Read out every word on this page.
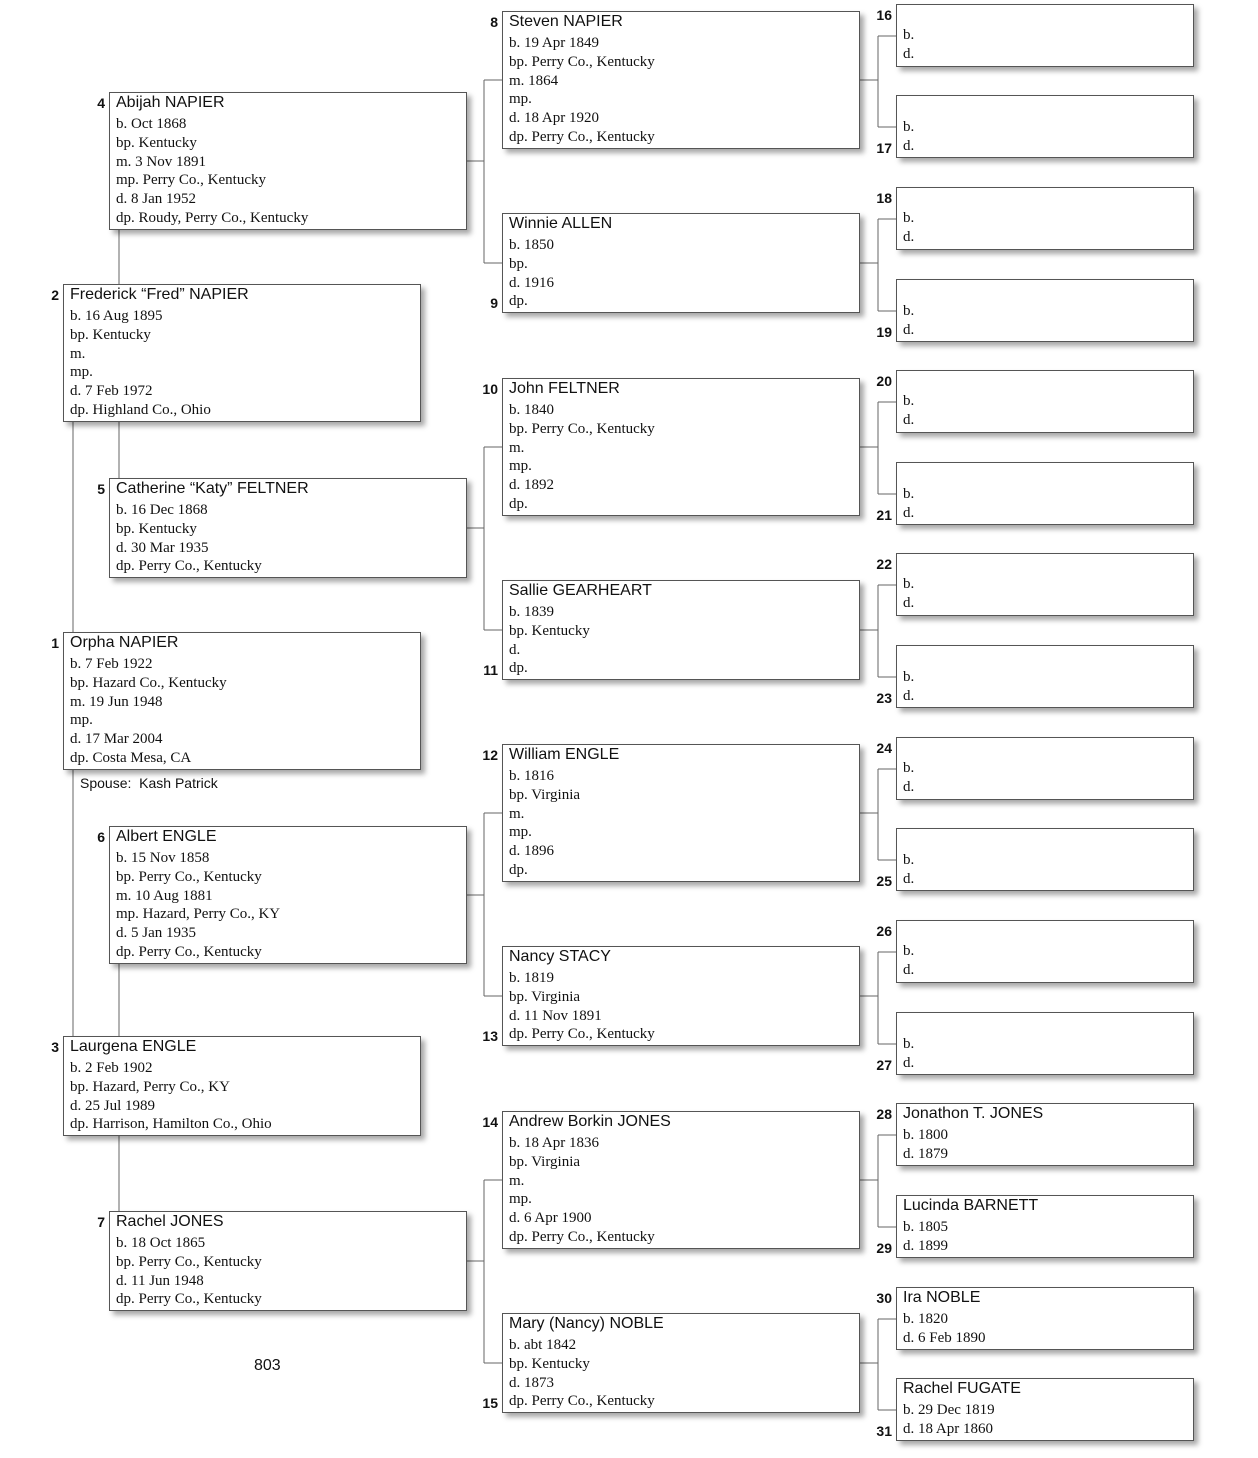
Spouse: Kash Patrick
803
Orpha NAPIER
b. 7 Feb 1922
bp. Hazard Co., Kentucky
m. 19 Jun 1948
mp.
d. 17 Mar 2004
dp. Costa Mesa, CA
1
Frederick “Fred” NAPIER
b. 16 Aug 1895
bp. Kentucky
m.
mp.
d. 7 Feb 1972
dp. Highland Co., Ohio
2
Laurgena ENGLE
b. 2 Feb 1902
bp. Hazard, Perry Co., KY
d. 25 Jul 1989
dp. Harrison, Hamilton Co., Ohio
3
Abijah NAPIER
b. Oct 1868
bp. Kentucky
m. 3 Nov 1891
mp. Perry Co., Kentucky
d. 8 Jan 1952
dp. Roudy, Perry Co., Kentucky
4
Catherine “Katy” FELTNER
b. 16 Dec 1868
bp. Kentucky
d. 30 Mar 1935
dp. Perry Co., Kentucky
5
Albert ENGLE
b. 15 Nov 1858
bp. Perry Co., Kentucky
m. 10 Aug 1881
mp. Hazard, Perry Co., KY
d. 5 Jan 1935
dp. Perry Co., Kentucky
6
Rachel JONES
b. 18 Oct 1865
bp. Perry Co., Kentucky
d. 11 Jun 1948
dp. Perry Co., Kentucky
7
Steven NAPIER
b. 19 Apr 1849
bp. Perry Co., Kentucky
m. 1864
mp.
d. 18 Apr 1920
dp. Perry Co., Kentucky
8
Winnie ALLEN
b. 1850
bp.
d. 1916
dp.
9
John FELTNER
b. 1840
bp. Perry Co., Kentucky
m.
mp.
d. 1892
dp.
10
Sallie GEARHEART
b. 1839
bp. Kentucky
d.
dp.
11
William ENGLE
b. 1816
bp. Virginia
m.
mp.
d. 1896
dp.
12
Nancy STACY
b. 1819
bp. Virginia
d. 11 Nov 1891
dp. Perry Co., Kentucky
13
Andrew Borkin JONES
b. 18 Apr 1836
bp. Virginia
m.
mp.
d. 6 Apr 1900
dp. Perry Co., Kentucky
14
Mary (Nancy) NOBLE
b. abt 1842
bp. Kentucky
d. 1873
dp. Perry Co., Kentucky
15
b.
d.
16
b.
d.
17
b.
d.
18
b.
d.
19
b.
d.
20
b.
d.
21
b.
d.
22
b.
d.
23
b.
d.
24
b.
d.
25
b.
d.
26
b.
d.
27
Jonathon T. JONES
b. 1800
d. 1879
28
Lucinda BARNETT
b. 1805
d. 1899
29
Ira NOBLE
b. 1820
d. 6 Feb 1890
30
Rachel FUGATE
b. 29 Dec 1819
d. 18 Apr 1860
31
